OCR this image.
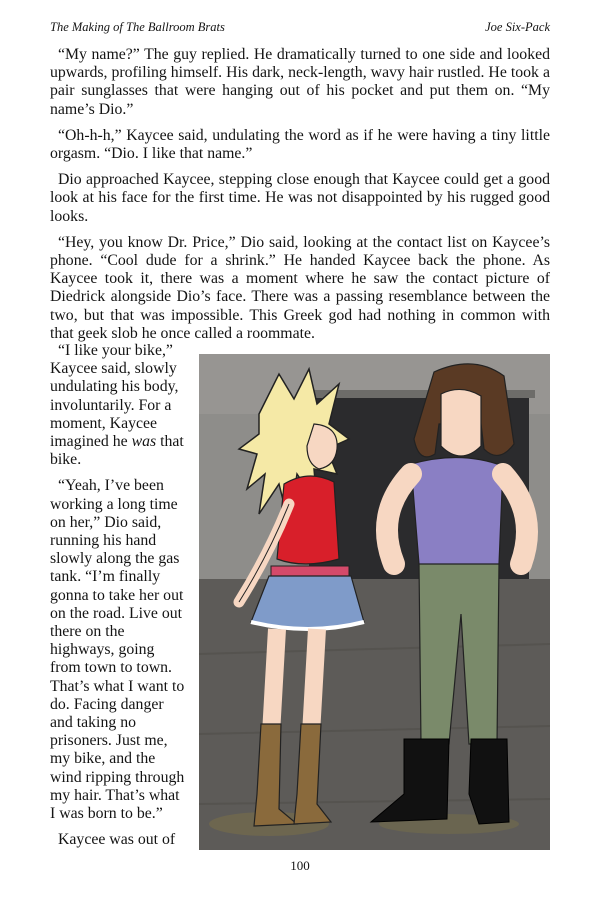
The Making of The Ballroom Brats	Joe Six-Pack

“My name?” The guy replied. He dramatically turned to one side and looked upwards, profiling himself. His dark, neck-length, wavy hair rustled. He took a pair sunglasses that were hanging out of his pocket and put them on. “My name’s Dio.”

“Oh-h-h,” Kaycee said, undulating the word as if he were having a tiny little orgasm. “Dio. I like that name.”

Dio approached Kaycee, stepping close enough that Kaycee could get a good look at his face for the first time. He was not disappointed by his rugged good looks.

“Hey, you know Dr. Price,” Dio said, looking at the contact list on Kaycee’s phone. “Cool dude for a shrink.” He handed Kaycee back the phone. As Kaycee took it, there was a moment where he saw the contact picture of Diedrick alongside Dio’s face. There was a passing resemblance between the two, but that was impossible. This Greek god had nothing in common with that geek slob he once called a roommate.

“I like your bike,” Kaycee said, slowly undulating his body, involuntarily. For a moment, Kaycee imagined he was that bike.

“Yeah, I’ve been working a long time on her,” Dio said, running his hand slowly along the gas tank. “I’m finally gonna to take her out on the road. Live out there on the highways, going from town to town. That’s what I want to do. Facing danger and taking no prisoners. Just me, my bike, and the wind ripping through my hair. That’s what I was born to be.”

Kaycee was out of

100
